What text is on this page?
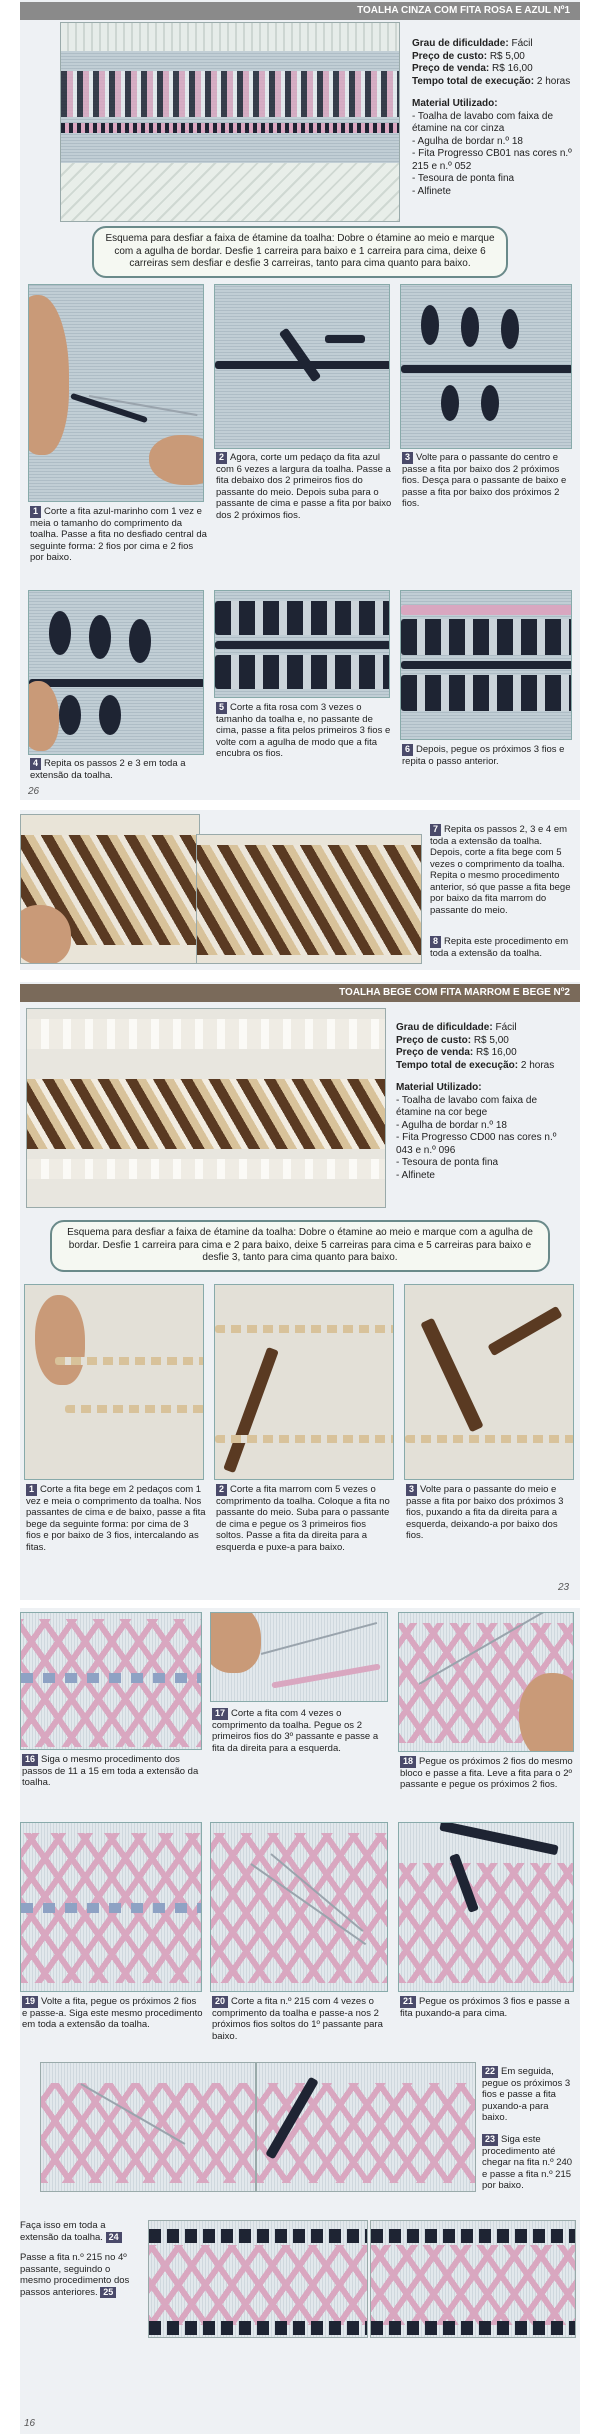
TOALHA CINZA COM FITA ROSA E AZUL Nº1
Grau de dificuldade: Fácil
Preço de custo: R$ 5,00
Preço de venda: R$ 16,00
Tempo total de execução: 2 horas
Material Utilizado:
- Toalha de lavabo com faixa de étamine na cor cinza
- Agulha de bordar n.º 18
- Fita Progresso CB01 nas cores n.º 215 e n.º 052
- Tesoura de ponta fina
- Alfinete
Esquema para desfiar a faixa de étamine da toalha: Dobre o étamine ao meio e marque com a agulha de bordar. Desfie 1 carreira para baixo e 1 carreira para cima, deixe 6 carreiras sem desfiar e desfie 3 carreiras, tanto para cima quanto para baixo.
1 Corte a fita azul-marinho com 1 vez e meia o tamanho do comprimento da toalha. Passe a fita no desfiado central da seguinte forma: 2 fios por cima e 2 fios por baixo.
2 Agora, corte um pedaço da fita azul com 6 vezes a largura da toalha. Passe a fita debaixo dos 2 primeiros fios do passante do meio. Depois suba para o passante de cima e passe a fita por baixo dos 2 próximos fios.
3 Volte para o passante do centro e passe a fita por baixo dos 2 próximos fios. Desça para o passante de baixo e passe a fita por baixo dos próximos 2 fios.
4 Repita os passos 2 e 3 em toda a extensão da toalha.
5 Corte a fita rosa com 3 vezes o tamanho da toalha e, no passante de cima, passe a fita pelos primeiros 3 fios e volte com a agulha de modo que a fita encubra os fios.	6 Depois, pegue os próximos 3 fios e repita o passo anterior.
26
7 Repita os passos 2, 3 e 4 em toda a extensão da toalha. Depois, corte a fita bege com 5 vezes o comprimento da toalha. Repita o mesmo procedimento anterior, só que passe a fita bege por baixo da fita marrom do passante do meio.
8 Repita este procedimento em toda a extensão da toalha.
TOALHA BEGE COM FITA MARROM E BEGE Nº2
Grau de dificuldade: Fácil
Preço de custo: R$ 5,00
Preço de venda: R$ 16,00
Tempo total de execução: 2 horas
Material Utilizado:
- Toalha de lavabo com faixa de étamine na cor bege
- Agulha de bordar n.º 18
- Fita Progresso CD00 nas cores n.º 043 e n.º 096
- Tesoura de ponta fina
- Alfinete
Esquema para desfiar a faixa de étamine da toalha: Dobre o étamine ao meio e marque com a agulha de bordar. Desfie 1 carreira para cima e 2 para baixo, deixe 5 carreiras para cima e 5 carreiras para baixo e desfie 3, tanto para cima quanto para baixo.
1 Corte a fita bege em 2 pedaços com 1 vez e meia o comprimento da toalha. Nos passantes de cima e de baixo, passe a fita bege da seguinte forma: por cima de 3 fios e por baixo de 3 fios, intercalando as fitas.
2 Corte a fita marrom com 5 vezes o comprimento da toalha. Coloque a fita no passante do meio. Suba para o passante de cima e pegue os 3 primeiros fios soltos. Passe a fita da direita para a esquerda e puxe-a para baixo.
3 Volte para o passante do meio e passe a fita por baixo dos próximos 3 fios, puxando a fita da direita para a esquerda, deixando-a por baixo dos fios.
23
16 Siga o mesmo procedimento dos passos de 11 a 15 em toda a extensão da toalha.
17 Corte a fita com 4 vezes o comprimento da toalha. Pegue os 2 primeiros fios do 3º passante e passe a fita da direita para a esquerda.
18 Pegue os próximos 2 fios do mesmo bloco e passe a fita. Leve a fita para o 2º passante e pegue os próximos 2 fios.
19 Volte a fita, pegue os próximos 2 fios e passe-a. Siga este mesmo procedimento em toda a extensão da toalha.
20 Corte a fita n.º 215 com 4 vezes o comprimento da toalha e passe-a nos 2 próximos fios soltos do 1º passante para baixo.
21 Pegue os próximos 3 fios e passe a fita puxando-a para cima.
22 Em seguida, pegue os próximos 3 fios e passe a fita puxando-a para baixo.
23 Siga este procedimento até chegar na fita n.º 240 e passe a fita n.º 215 por baixo.
Faça isso em toda a extensão da toalha. 24
Passe a fita n.º 215 no 4º passante, seguindo o mesmo procedimento dos passos anteriores. 25
16
